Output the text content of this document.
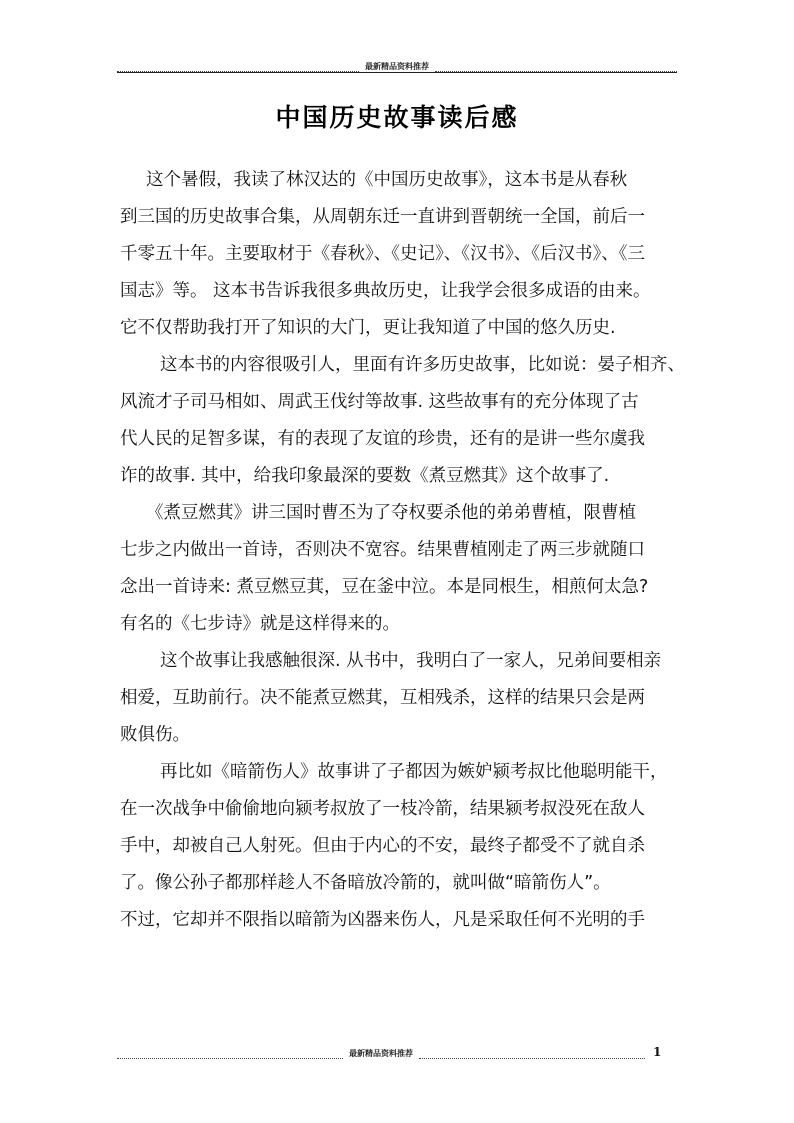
最新精品资料推荐
中国历史故事读后感
这个暑假，我读了林汉达的《中国历史故事》，这本书是从春秋
到三国的历史故事合集，从周朝东迁一直讲到晋朝统一全国，前后一
千零五十年。主要取材于《春秋》、《史记》、《汉书》、《后汉书》、《三
国志》等。 这本书告诉我很多典故历史，让我学会很多成语的由来。
它不仅帮助我打开了知识的大门，更让我知道了中国的悠久历史.
这本书的内容很吸引人，里面有许多历史故事，比如说：晏子相齐、
风流才子司马相如、周武王伐纣等故事. 这些故事有的充分体现了古
代人民的足智多谋，有的表现了友谊的珍贵，还有的是讲一些尔虞我
诈的故事. 其中，给我印象最深的要数《煮豆燃萁》这个故事了.
《煮豆燃萁》讲三国时曹丕为了夺权要杀他的弟弟曹植，限曹植
七步之内做出一首诗，否则决不宽容。结果曹植刚走了两三步就随口
念出一首诗来: 煮豆燃豆萁，豆在釜中泣。本是同根生，相煎何太急?
有名的《七步诗》就是这样得来的。
这个故事让我感触很深. 从书中，我明白了一家人，兄弟间要相亲
相爱，互助前行。决不能煮豆燃萁，互相残杀，这样的结果只会是两
败俱伤。
再比如《暗箭伤人》故事讲了子都因为嫉妒颍考叔比他聪明能干，
在一次战争中偷偷地向颍考叔放了一枝冷箭，结果颍考叔没死在敌人
手中，却被自己人射死。但由于内心的不安，最终子都受不了就自杀
了。像公孙子都那样趁人不备暗放冷箭的，就叫做“暗箭伤人”。
不过，它却并不限指以暗箭为凶器来伤人，凡是采取任何不光明的手
最新精品资料推荐	1
